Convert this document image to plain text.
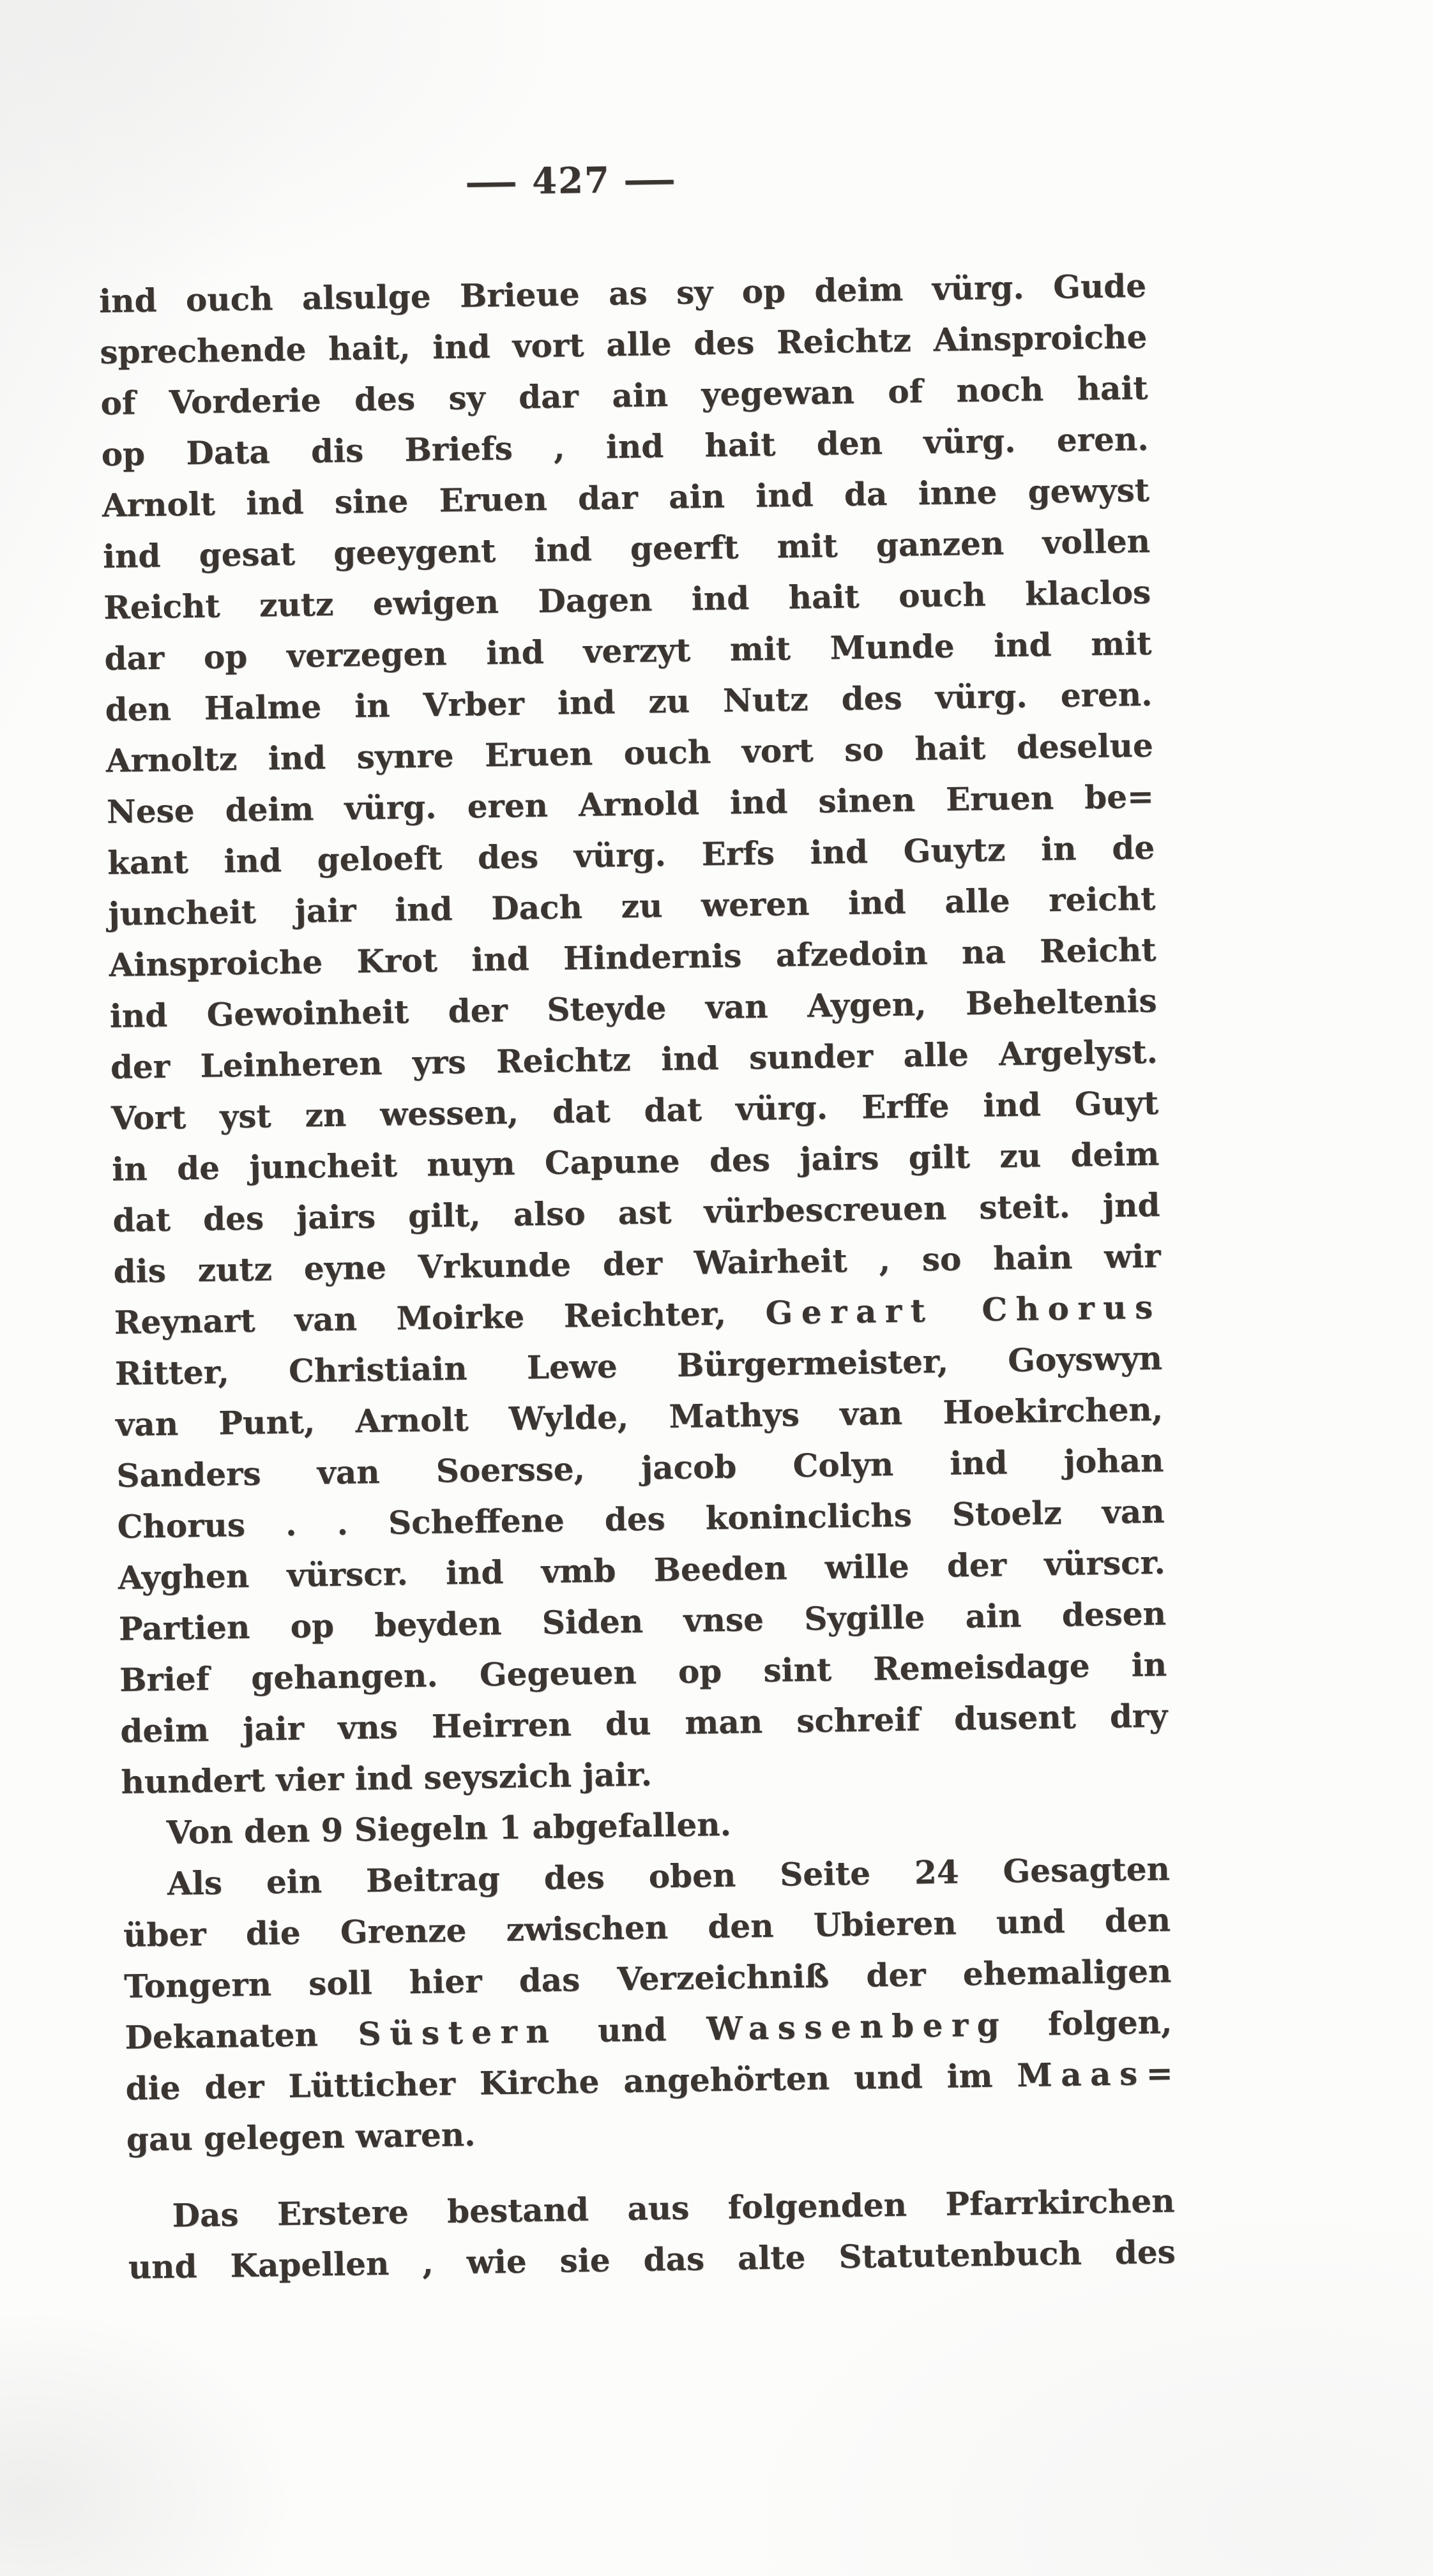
— 427 —
ind ouch alsulge Brieue as sy op deim vürg. Gude
sprechende hait, ind vort alle des Reichtz Ainsproiche
of Vorderie des sy dar ain yegewan of noch hait
op Data dis Briefs , ind hait den vürg. eren.
Arnolt ind sine Eruen dar ain ind da inne gewyst
ind gesat geeygent ind geerft mit ganzen vollen
Reicht zutz ewigen Dagen ind hait ouch klaclos
dar op verzegen ind verzyt mit Munde ind mit
den Halme in Vrber ind zu Nutz des vürg. eren.
Arnoltz ind synre Eruen ouch vort so hait deselue
Nese deim vürg. eren Arnold ind sinen Eruen be=
kant ind geloeft des vürg. Erfs ind Guytz in de
juncheit jair ind Dach zu weren ind alle reicht
Ainsproiche Krot ind Hindernis afzedoin na Reicht
ind Gewoinheit der Steyde van Aygen, Beheltenis
der Leinheren yrs Reichtz ind sunder alle Argelyst.
Vort yst zn wessen, dat dat vürg. Erffe ind Guyt
in de juncheit nuyn Capune des jairs gilt zu deim
dat des jairs gilt, also ast vürbescreuen steit. jnd
dis zutz eyne Vrkunde der Wairheit , so hain wir
Reynart van Moirke Reichter, Gerart Chorus
Ritter, Christiain Lewe Bürgermeister, Goyswyn
van Punt, Arnolt Wylde, Mathys van Hoekirchen,
Sanders van Soersse, jacob Colyn ind johan
Chorus . . Scheffene des koninclichs Stoelz van
Ayghen vürscr. ind vmb Beeden wille der vürscr.
Partien op beyden Siden vnse Sygille ain desen
Brief gehangen. Gegeuen op sint Remeisdage in
deim jair vns Heirren du man schreif dusent dry
hundert vier ind seyszich jair.
Von den 9 Siegeln 1 abgefallen.
Als ein Beitrag des oben Seite 24 Gesagten
über die Grenze zwischen den Ubieren und den
Tongern soll hier das Verzeichniß der ehemaligen
Dekanaten Süstern und Wassenberg folgen,
die der Lütticher Kirche angehörten und im Maas=
gau gelegen waren.
Das Erstere bestand aus folgenden Pfarrkirchen
und Kapellen , wie sie das alte Statutenbuch des
